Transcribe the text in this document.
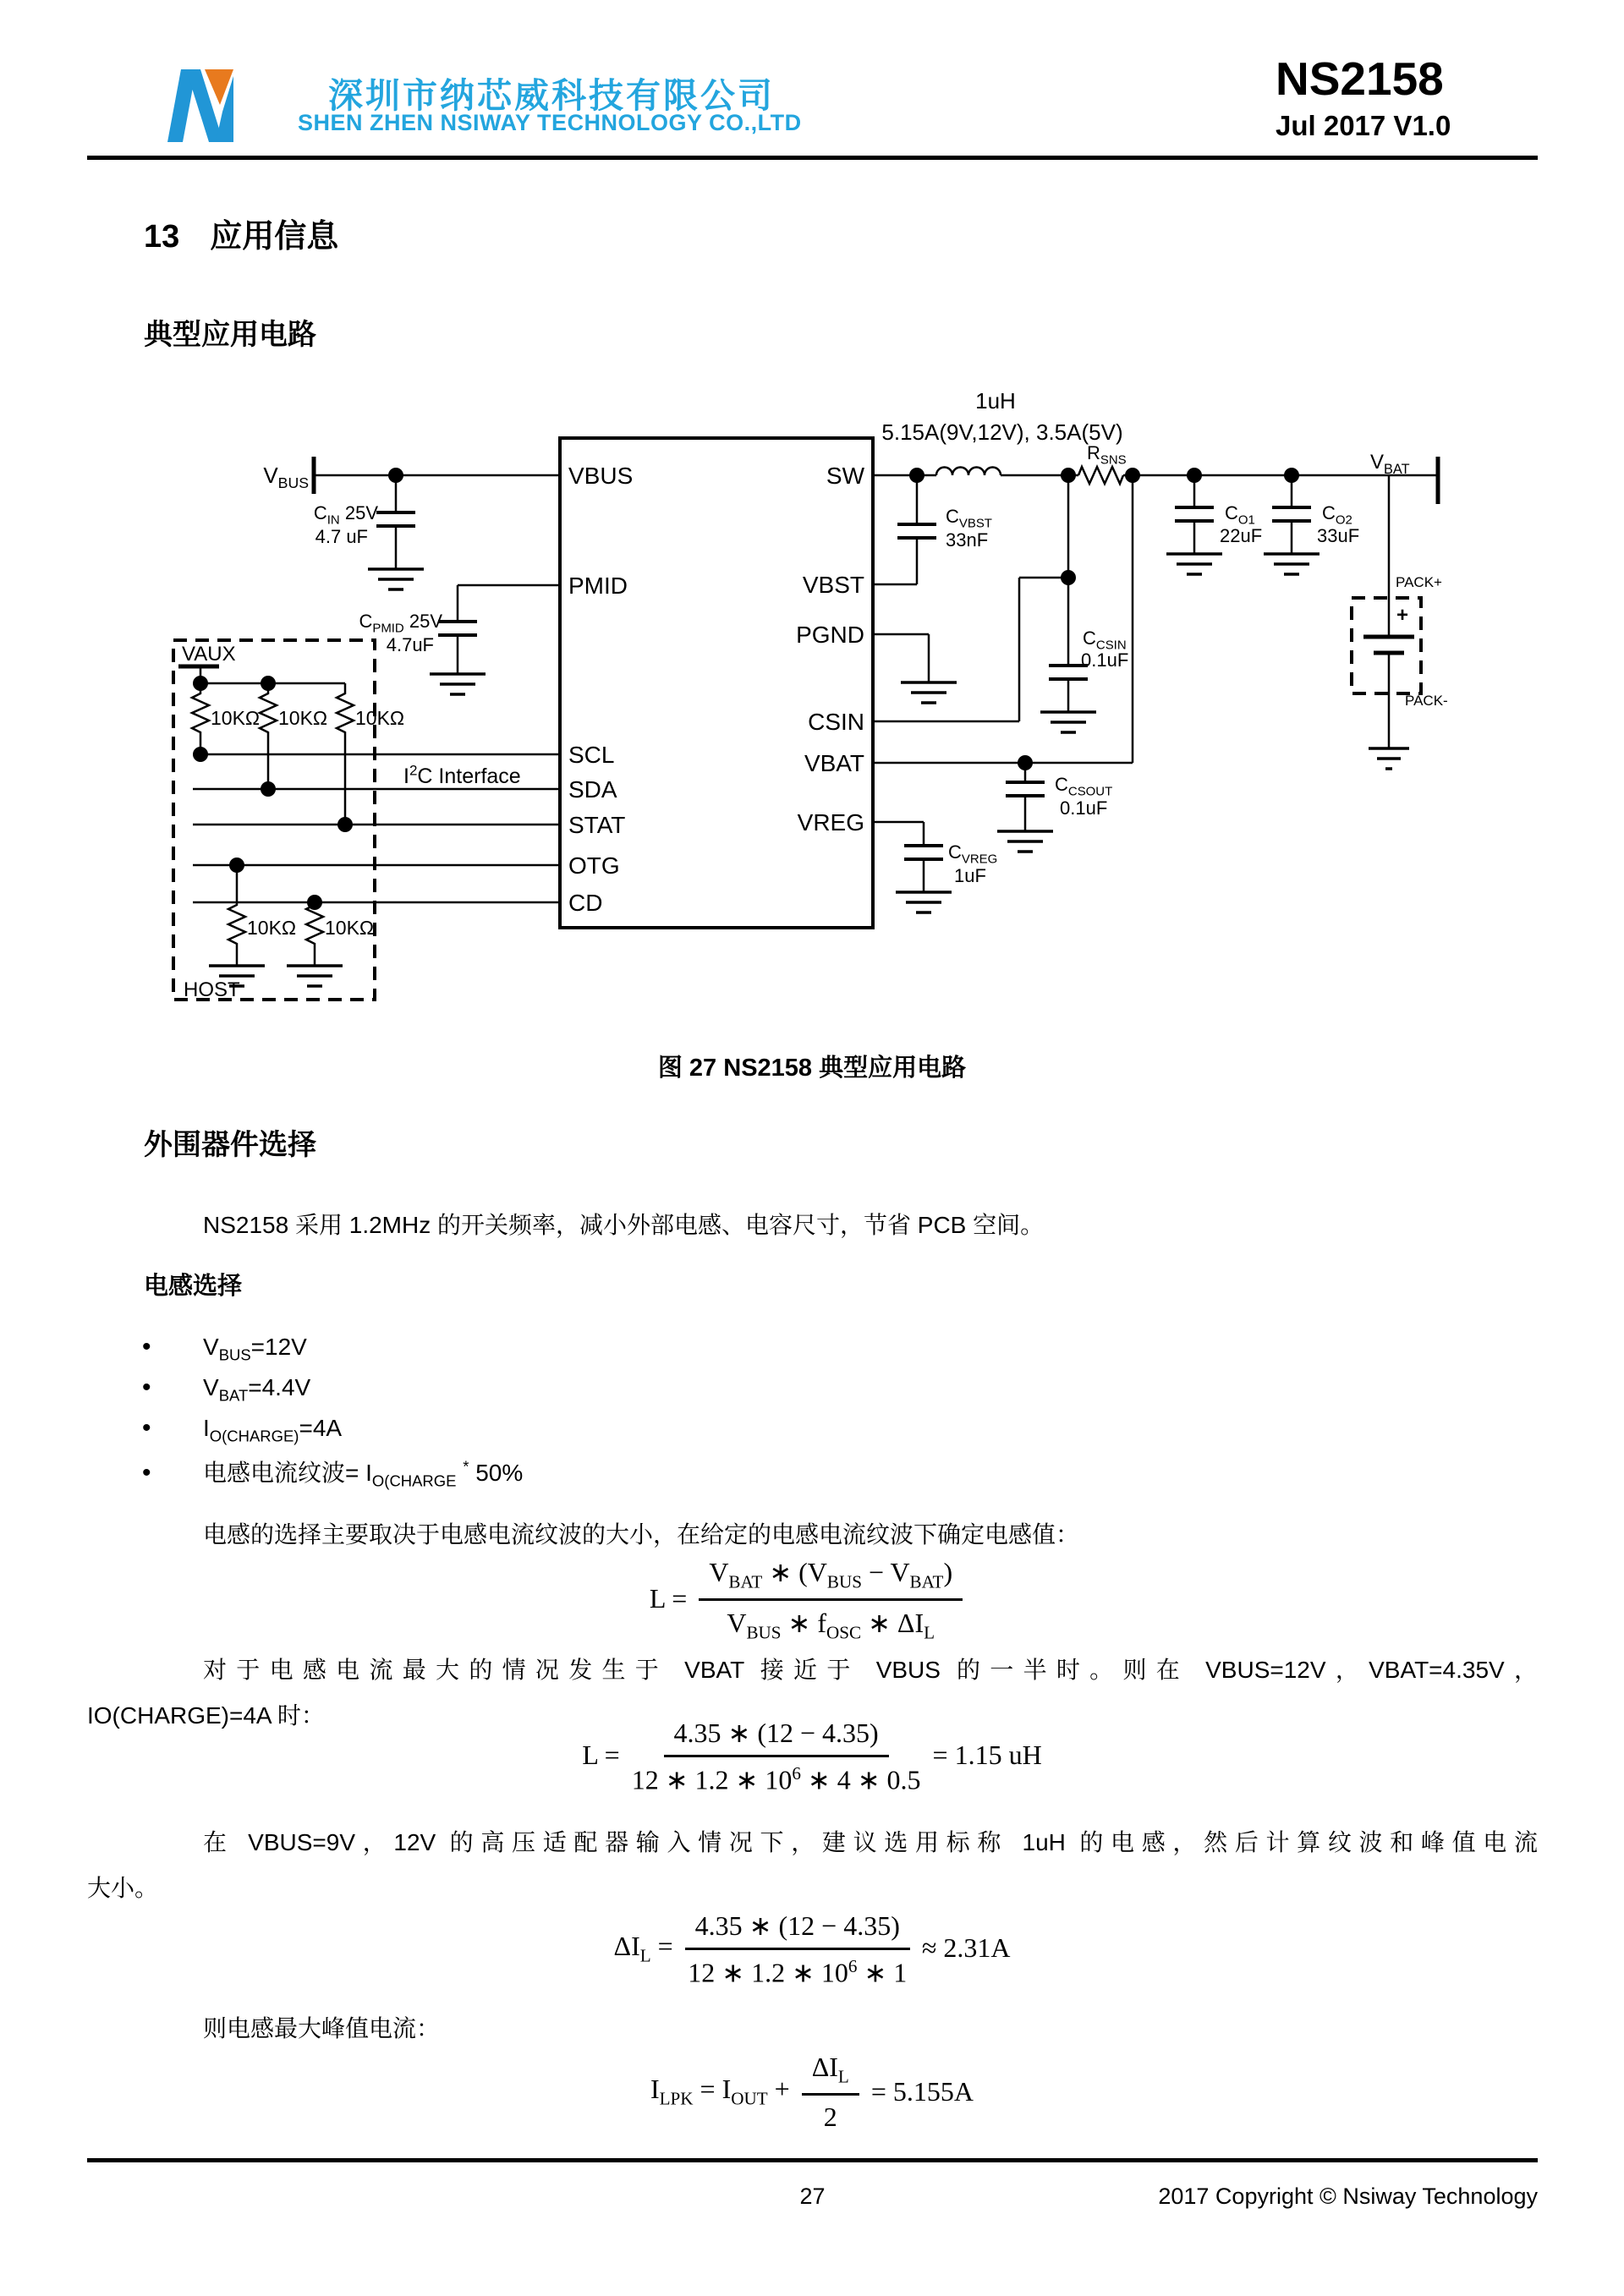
深圳市纳芯威科技有限公司
SHEN ZHEN NSIWAY TECHNOLOGY CO.,LTD
NS2158
Jul 2017 V1.0
13 应用信息
典型应用电路
$V_{BUS}$
$C_{IN}$ 25V
4.7 uF
$C_{PMID}$ 25V
4.7uF
VAUX
HOST
10KΩ 10KΩ 10KΩ
10KΩ 10KΩ
$I^2C$ Interface
VBUS
PMID
SCL
SDA
STAT
OTG
CD
SW
VBST
PGND
CSIN
VBAT
VREG
1uH
5.15A(9V,12V), 3.5A(5V)
$R_{SNS}$
$C_{VBST}$
33nF
$C_{CSIN}$
0.1uF
$C_{CSOUT}$
0.1uF
$C_{VREG}$
1uF
$C_{O1}$
22uF
$C_{O2}$
33uF
$V_{BAT}$
PACK+
PACK-
+
图 27 NS2158 典型应用电路
外围器件选择
NS2158 采用 1.2MHz 的开关频率，减小外部电感、电容尺寸，节省 PCB 空间。
电感选择
•	$V_{BUS}=12V$
•	$V_{BAT}=4.4V$
•	$I_{O(CHARGE)}=4A$
•	电感电流纹波= $I_{O(CHARGE}$ * 50%
电感的选择主要取决于电感电流纹波的大小，在给定的电感电流纹波下确定电感值：
$L = \frac{V_{BAT} ∗ (V_{BUS} - V_{BAT})}{V_{BUS} ∗ f_{OSC} ∗ \Delta I_L}$
对于电感电流最大的情况发生于 VBAT 接近于 VBUS 的一半时。则在 VBUS=12V，VBAT=4.35V，
IO(CHARGE)=4A 时：
$L = \frac{4.35 ∗ (12 - 4.35)}{12 ∗ 1.2 ∗ 10^6 ∗ 4 ∗ 0.5} = 1.15$ uH
在 VBUS=9V，12V 的高压适配器输入情况下，建议选用标称 1uH 的电感，然后计算纹波和峰值电流
大小。
$\Delta I_L = \frac{4.35 ∗ (12 - 4.35)}{12 ∗ 1.2 ∗ 10^6 ∗ 1} \approx 2.31A$
则电感最大峰值电流：
$I_{LPK} = I_{OUT} + \frac{\Delta I_L}{2} = 5.155A$
27	2017 Copyright © Nsiway Technology
